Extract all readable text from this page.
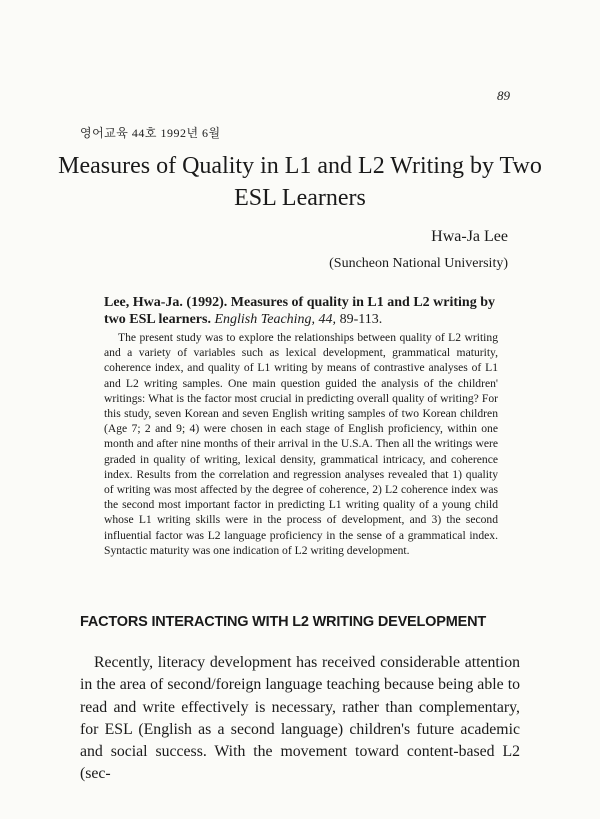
89
영어교육 44호 1992년 6월
Measures of Quality in L1 and L2 Writing by Two ESL Learners
Hwa-Ja Lee
(Suncheon National University)
Lee, Hwa-Ja. (1992). Measures of quality in L1 and L2 writing by two ESL learners. English Teaching, 44, 89-113.

The present study was to explore the relationships between quality of L2 writing and a variety of variables such as lexical development, grammatical maturity, coherence index, and quality of L1 writing by means of contrastive analyses of L1 and L2 writing samples. One main question guided the analysis of the children' writings: What is the factor most crucial in predicting overall quality of writing? For this study, seven Korean and seven English writing samples of two Korean children (Age 7; 2 and 9; 4) were chosen in each stage of English proficiency, within one month and after nine months of their arrival in the U.S.A. Then all the writings were graded in quality of writing, lexical density, grammatical intricacy, and coherence index. Results from the correlation and regression analyses revealed that 1) quality of writing was most affected by the degree of coherence, 2) L2 coherence index was the second most important factor in predicting L1 writing quality of a young child whose L1 writing skills were in the process of development, and 3) the second influential factor was L2 language proficiency in the sense of a grammatical index. Syntactic maturity was one indication of L2 writing development.

FACTORS INTERACTING WITH L2 WRITING DEVELOPMENT

Recently, literacy development has received considerable attention in the area of second/foreign language teaching because being able to read and write effectively is necessary, rather than complementary, for ESL (English as a second language) children's future academic and social success. With the movement toward content-based L2 (sec-
